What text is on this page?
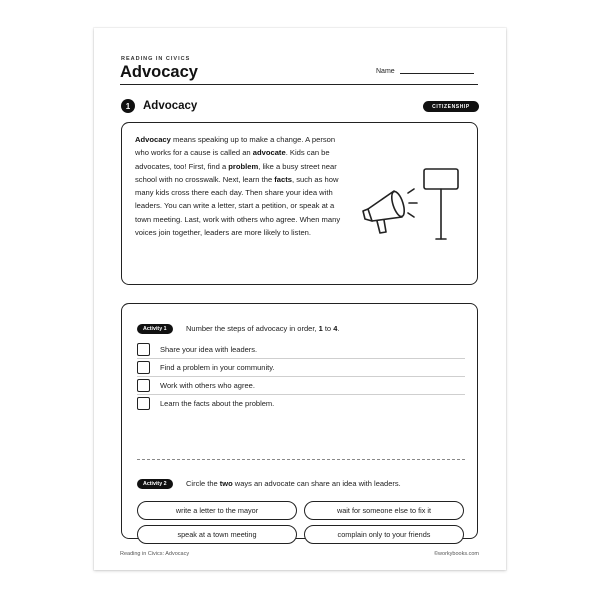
READING IN CIVICS
Advocacy	Name
1	Advocacy	CITIZENSHIP
Advocacy means speaking up to make a change. A person who works for a cause is called an advocate. Kids can be advocates, too! First, find a problem, like a busy street near school with no crosswalk. Next, learn the facts, such as how many kids cross there each day. Then share your idea with leaders. You can write a letter, start a petition, or speak at a town meeting. Last, work with others who agree. When many voices join together, leaders are more likely to listen.
Activity 1	Number the steps of advocacy in order, 1 to 4.
Share your idea with leaders.
Find a problem in your community.
Work with others who agree.
Learn the facts about the problem.
Activity 2	Circle the two ways an advocate can share an idea with leaders.
write a letter to the mayor	wait for someone else to fix it
speak at a town meeting	complain only to your friends
Reading in Civics: Advocacy	©workybooks.com
